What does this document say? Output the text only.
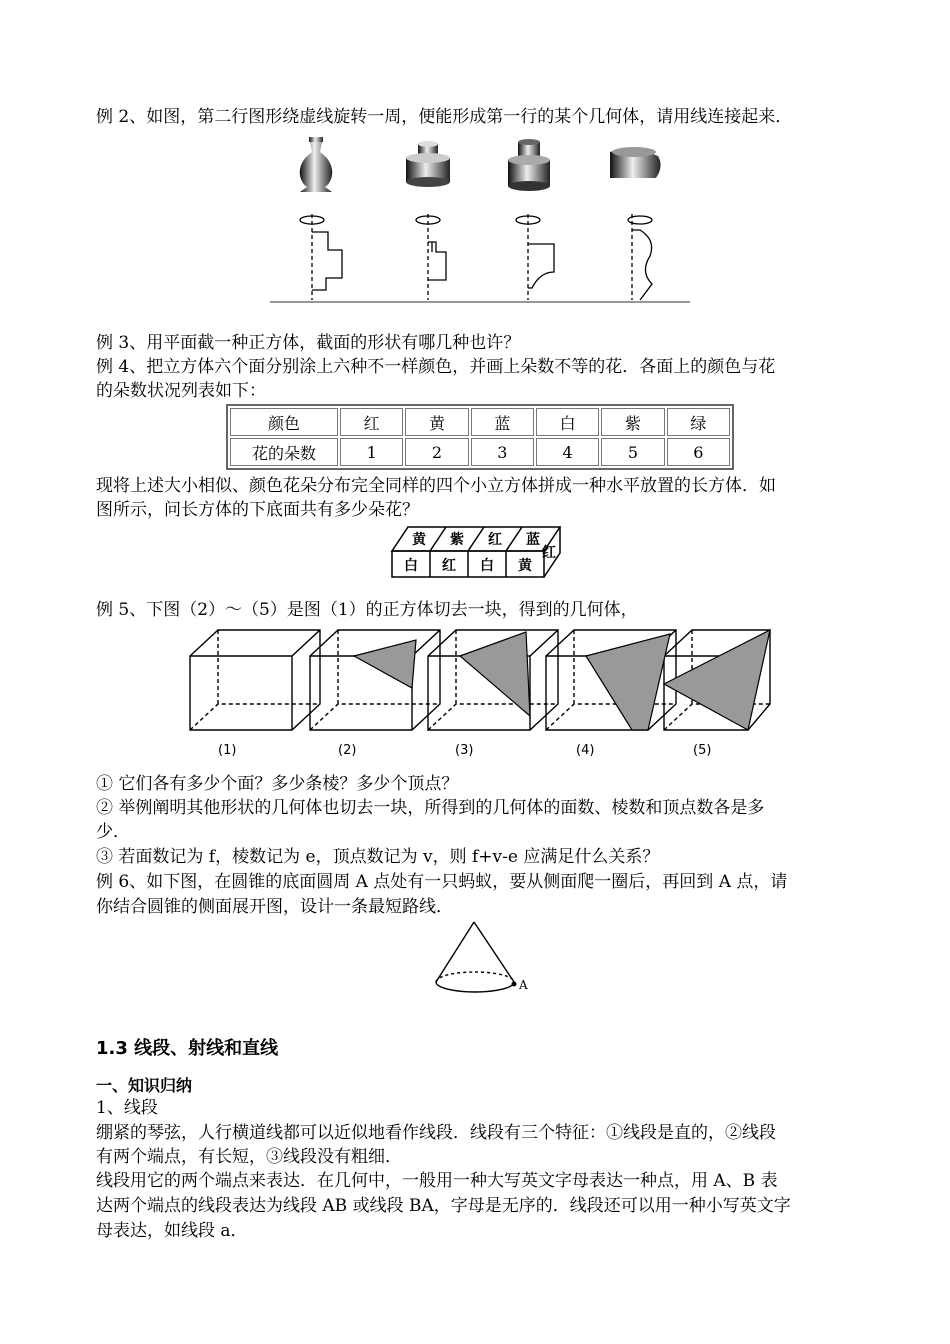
例 2、如图，第二行图形绕虚线旋转一周，便能形成第一行的某个几何体，请用线连接起来．
例 3、用平面截一种正方体，截面的形状有哪几种也许？
例 4、把立方体六个面分别涂上六种不一样颜色，并画上朵数不等的花．各面上的颜色与花
的朵数状况列表如下：
颜色	红	黄	蓝	白	紫	绿
花的朵数	1	2	3	4	5	6
现将上述大小相似、颜色花朵分布完全同样的四个小立方体拼成一种水平放置的长方体．如
图所示，问长方体的下底面共有多少朵花？
黄 紫 红 蓝
红
白 红 白 黄
例 5、下图（2）～（5）是图（1）的正方体切去一块，得到的几何体，
(1)	(2)	(3)	(4)	(5)
① 它们各有多少个面？多少条棱？多少个顶点？
② 举例阐明其他形状的几何体也切去一块，所得到的几何体的面数、棱数和顶点数各是多
少．
③ 若面数记为 f，棱数记为 e，顶点数记为 v，则 f+v-e 应满足什么关系？
例 6、如下图，在圆锥的底面圆周 A 点处有一只蚂蚁，要从侧面爬一圈后，再回到 A 点，请
你结合圆锥的侧面展开图，设计一条最短路线．
A
1.3 线段、射线和直线
一、知识归纳
1、线段
绷紧的琴弦，人行横道线都可以近似地看作线段．线段有三个特征：①线段是直的，②线段
有两个端点，有长短，③线段没有粗细．
线段用它的两个端点来表达．在几何中，一般用一种大写英文字母表达一种点，用 A、B 表
达两个端点的线段表达为线段 AB 或线段 BA，字母是无序的．线段还可以用一种小写英文字
母表达，如线段 a．
